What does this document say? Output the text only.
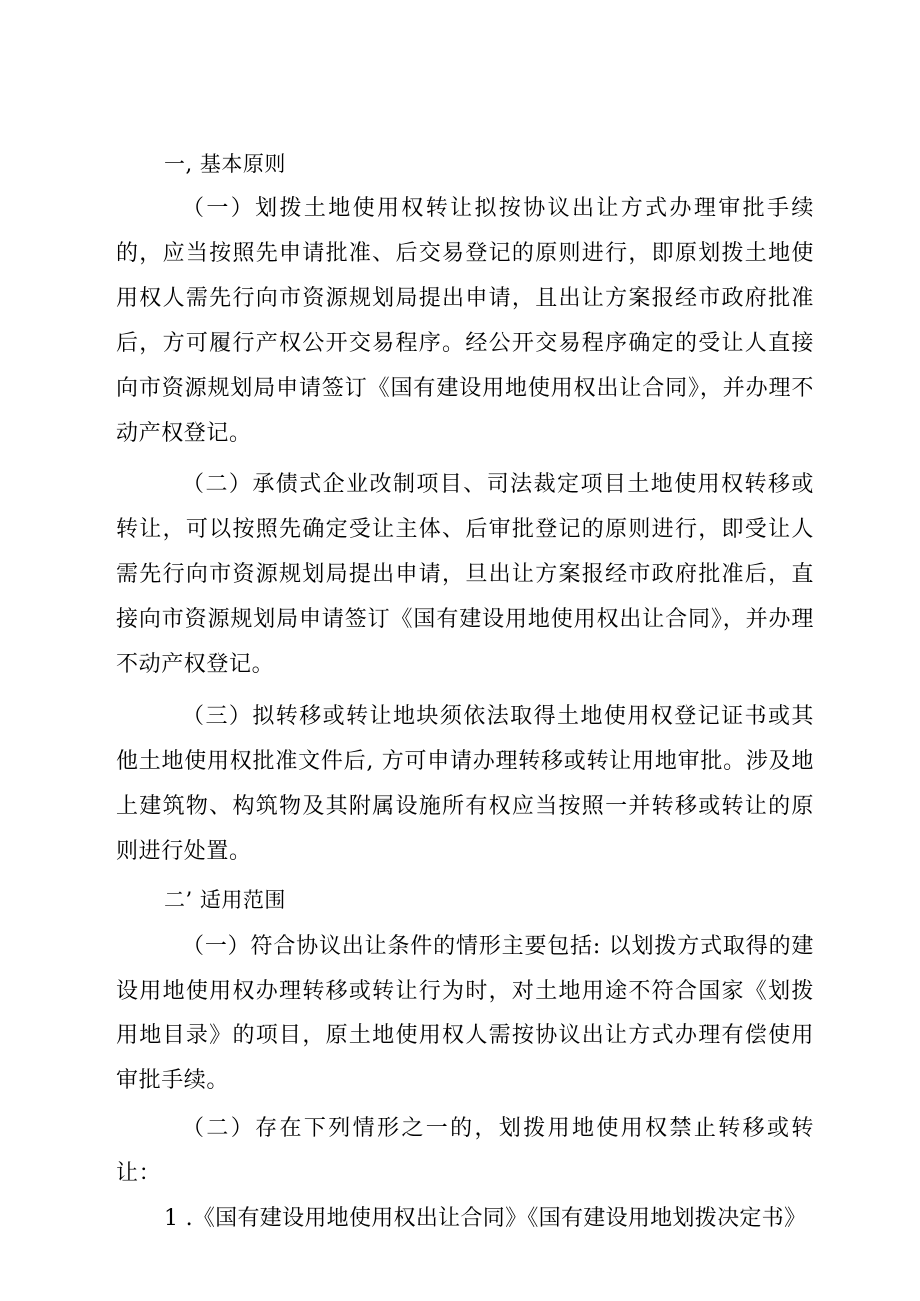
一, 基本原则

（一）划拨土地使用权转让拟按协议出让方式办理审批手续的，应当按照先申请批准、后交易登记的原则进行，即原划拨土地使用权人需先行向市资源规划局提出申请，且出让方案报经市政府批准后，方可履行产权公开交易程序。经公开交易程序确定的受让人直接向市资源规划局申请签订《国有建设用地使用权出让合同》，并办理不动产权登记。

（二）承债式企业改制项目、司法裁定项目土地使用权转移或转让，可以按照先确定受让主体、后审批登记的原则进行，即受让人需先行向市资源规划局提出申请，旦出让方案报经市政府批准后，直接向市资源规划局申请签订《国有建设用地使用权出让合同》，并办理不动产权登记。

（三）拟转移或转让地块须依法取得土地使用权登记证书或其他土地使用权批准文件后, 方可申请办理转移或转让用地审批。涉及地上建筑物、构筑物及其附属设施所有权应当按照一并转移或转让的原则进行处置。

二’ 适用范围

（一）符合协议出让条件的情形主要包括: 以划拨方式取得的建设用地使用权办理转移或转让行为时，对土地用途不符合国家《划拨用地目录》的项目，原土地使用权人需按协议出让方式办理有偿使用审批手续。

（二）存在下列情形之一的，划拨用地使用权禁止转移或转让：

1 .《国有建设用地使用权出让合同》《国有建设用地划拨决定书》
